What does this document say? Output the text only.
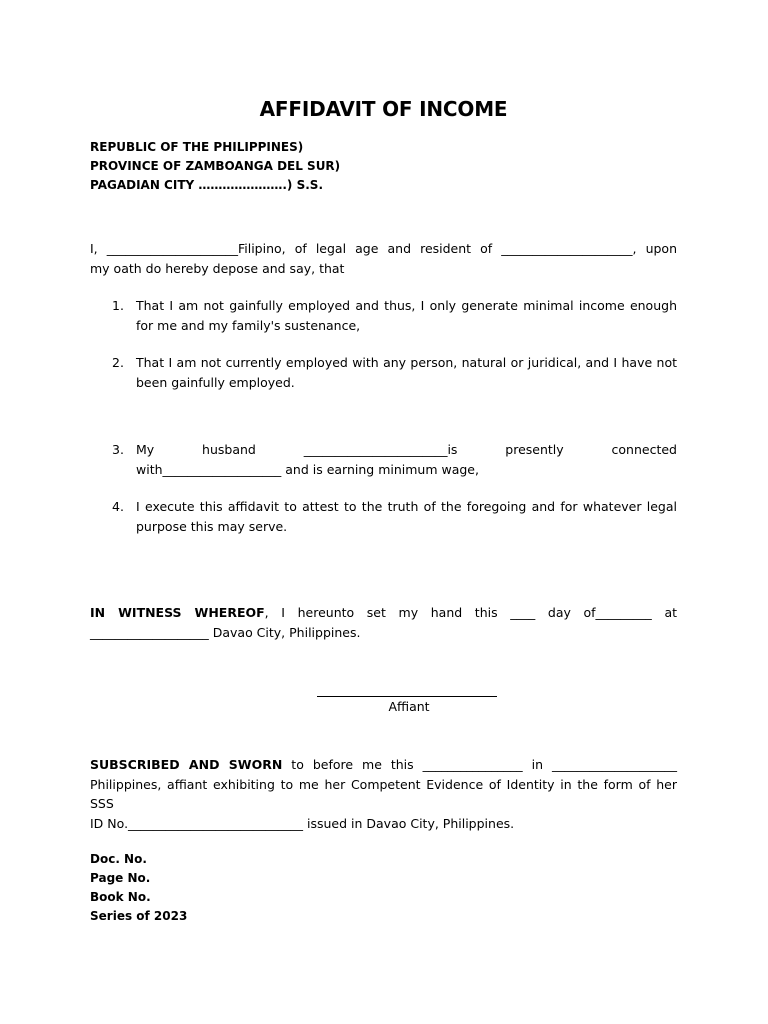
AFFIDAVIT OF INCOME
REPUBLIC OF THE PHILIPPINES)
PROVINCE OF ZAMBOANGA DEL SUR)
PAGADIAN CITY ………………….) S.S.
I, _____________________Filipino, of legal age and resident of _____________________, upon
my oath do hereby depose and say, that
1. That I am not gainfully employed and thus, I only generate minimal income enough for me and my family's sustenance,
2. That I am not currently employed with any person, natural or juridical, and I have not been gainfully employed.
3. My husband _______________________is presently connected
with___________________ and is earning minimum wage,
4. I execute this affidavit to attest to the truth of the foregoing and for whatever legal purpose this may serve.
IN WITNESS WHEREOF, I hereunto set my hand this ____ day of_________ at
___________________ Davao City, Philippines.
Affiant
SUBSCRIBED AND SWORN to before me this ________________ in ____________________
Philippines, affiant exhibiting to me her Competent Evidence of Identity in the form of her SSS
ID No.____________________________ issued in Davao City, Philippines.
Doc. No.
Page No.
Book No.
Series of 2023
